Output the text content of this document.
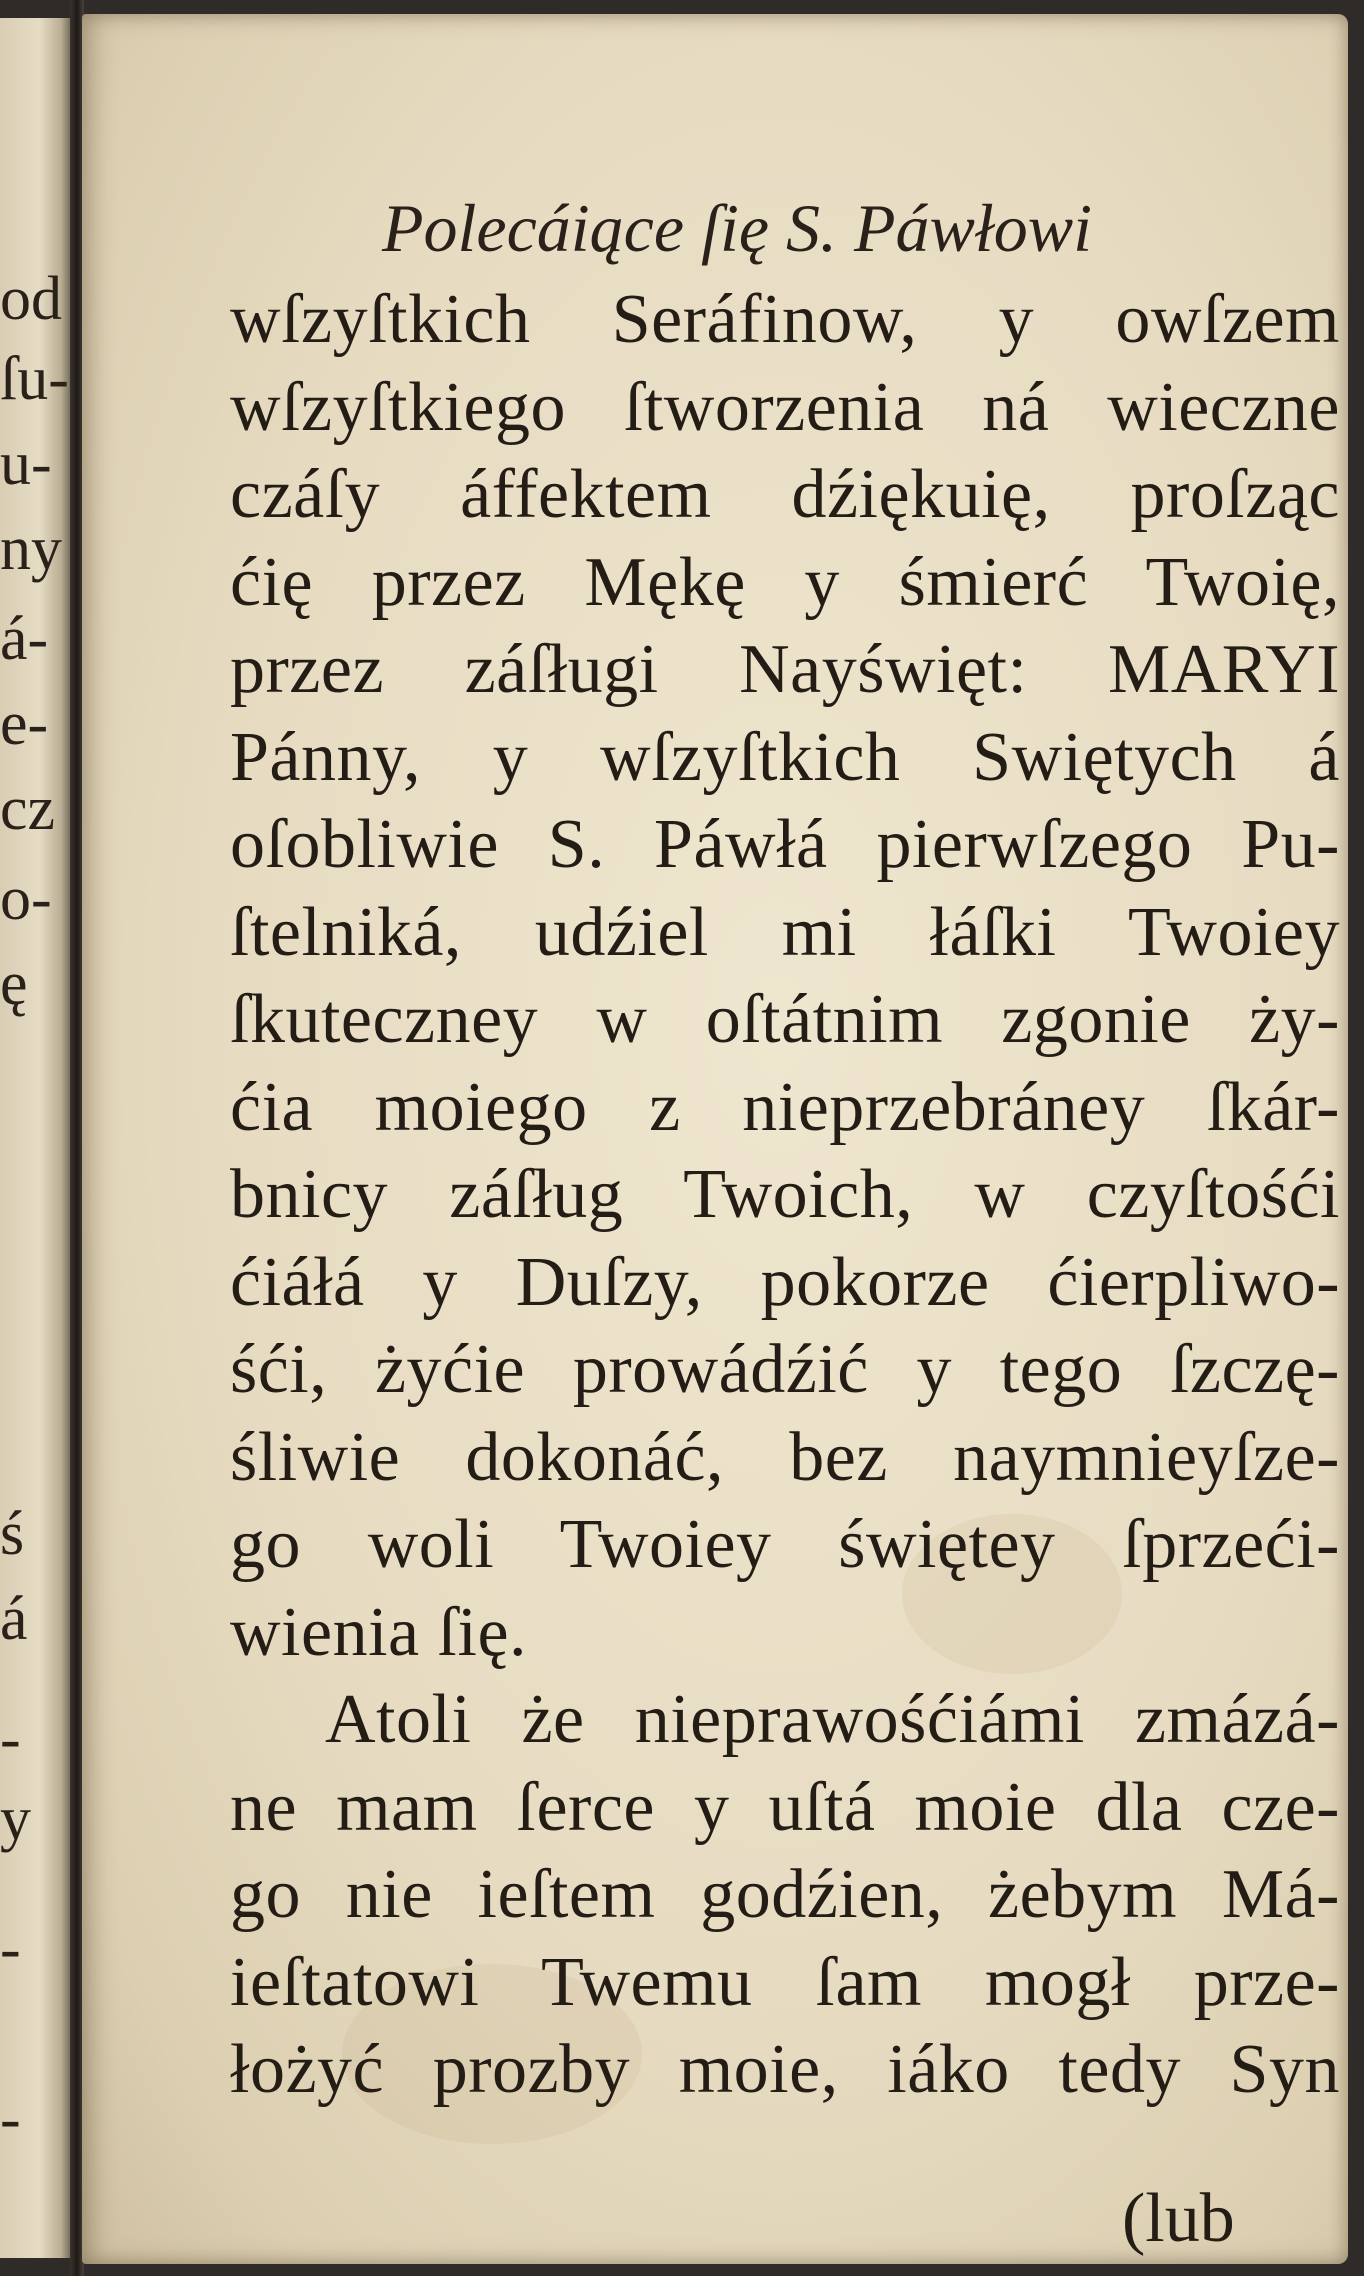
od
ſu-
u-
ny
á-
e-
cz
o-
ę
ś
á
-
y
-
-
Polecáiące ſię S. Páwłowi
wſzyſtkich Seráfinow, y owſzem
wſzyſtkiego ſtworzenia ná wieczne
czáſy áffektem dźiękuię, proſząc
ćię przez Mękę y śmierć Twoię,
przez záſługi Nayświęt: MARYI
Pánny, y wſzyſtkich Swiętych á
oſobliwie S. Páwłá pierwſzego Pu-
ſtelniká, udźiel mi łáſki Twoiey
ſkuteczney w oſtátnim zgonie ży-
ćia moiego z nieprzebráney ſkár-
bnicy záſług Twoich, w czyſtośći
ćiáłá y Duſzy, pokorze ćierpliwo-
śći, żyćie prowádźić y tego ſzczę-
śliwie dokonáć, bez naymnieyſze-
go woli Twoiey świętey ſprzeći-
wienia ſię.
Atoli że nieprawośćiámi zmázá-
ne mam ſerce y uſtá moie dla cze-
go nie ieſtem godźien, żebym Má-
ieſtatowi Twemu ſam mogł prze-
łożyć prozby moie, iáko tedy Syn
(lub
